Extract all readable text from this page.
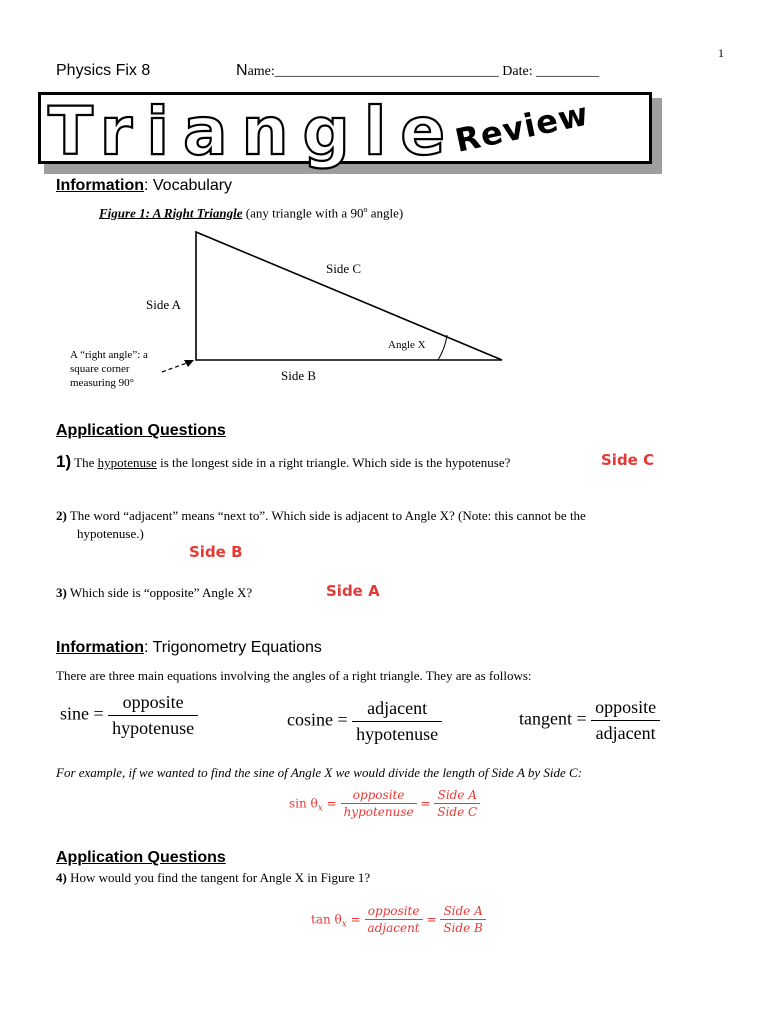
1
Physics Fix 8	Name:________________________________ Date: _________
Triangle
Review
Information: Vocabulary
Figure 1: A Right Triangle (any triangle with a 90$^o$ angle)
Side C
Side A
Angle X
Side B
A “right angle”: a
square corner
measuring 90°
Application Questions
1) The hypotenuse is the longest side in a right triangle. Which side is the hypotenuse?	Side C
2) The word “adjacent” means “next to”. Which side is adjacent to Angle X? (Note: this cannot be the
hypotenuse.)
Side B
3) Which side is “opposite” Angle X?	Side A
Information: Trigonometry Equations
There are three main equations involving the angles of a right triangle. They are as follows:
$\sin e = \frac{\text{opposite}}{\text{hypotenuse}}$	$cosine = \frac{\text{adjacent}}{\text{hypotenuse}}$	tangent = $\frac{\text{opposite}}{\text{adjacent}}$
For example, if we wanted to find the sine of Angle X we would divide the length of Side A by Side C:
$\sin \theta_x = \frac{\text{opposite}}{\text{hypotenuse}} = \frac{\text{Side A}}{\text{Side C}}$
Application Questions
4) How would you find the tangent for Angle X in Figure 1?
$\tan \theta_x = \frac{\text{opposite}}{\text{adjacent}} = \frac{\text{Side A}}{\text{Side B}}$
